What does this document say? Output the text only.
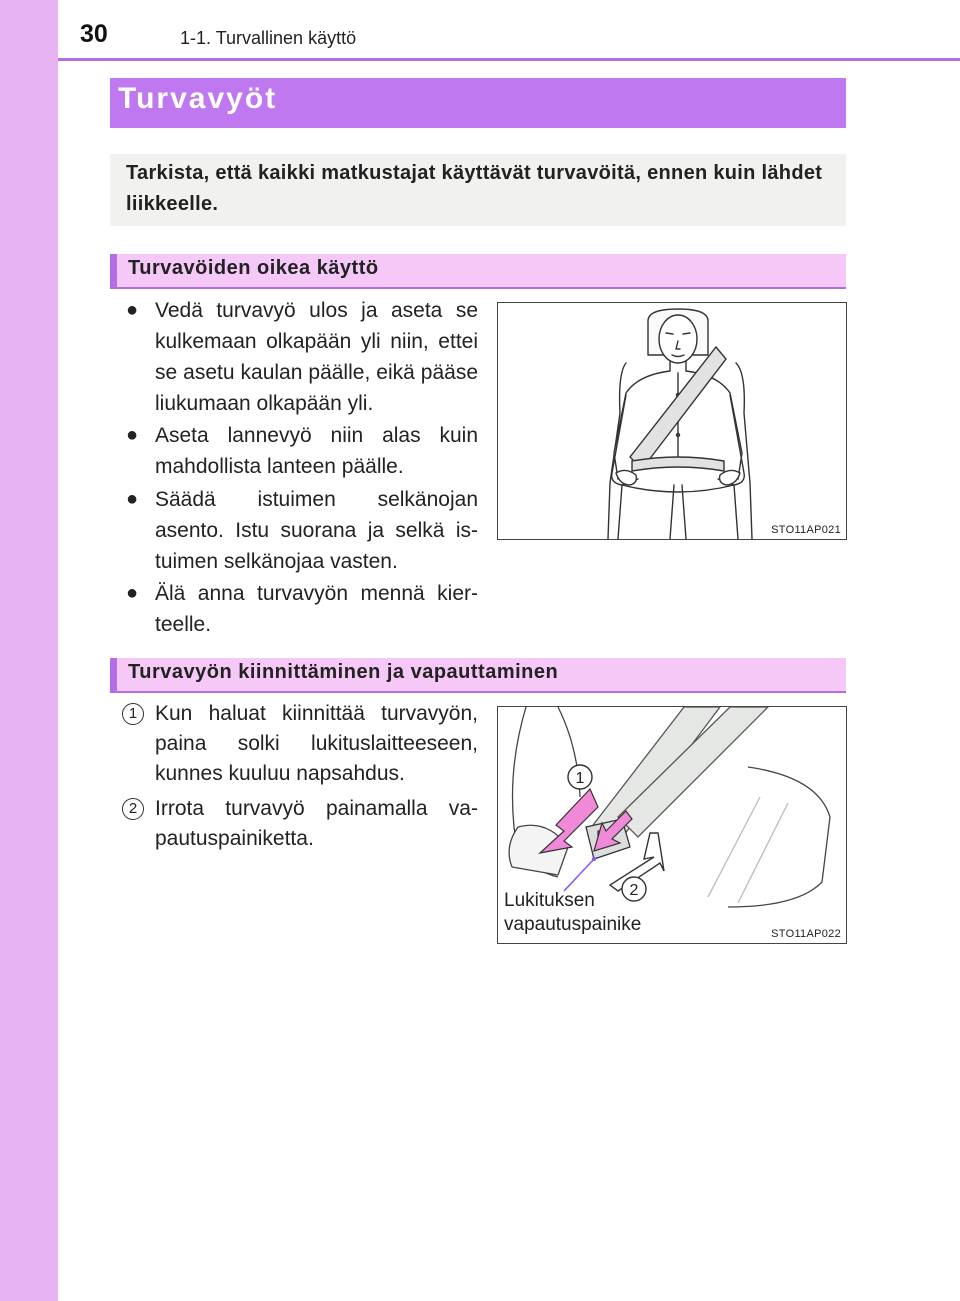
30	1-1. Turvallinen käyttö
Turvavyöt
Tarkista, että kaikki matkustajat käyttävät turvavöitä, ennen kuin lähdet liikkeelle.
Turvavöiden oikea käyttö
● Vedä turvavyö ulos ja aseta se kulkemaan olkapään yli niin, ettei se asetu kaulan päälle, eikä pääse liukumaan olkapään yli.
● Aseta lannevyö niin alas kuin mahdollista lanteen päälle.
● Säädä istuimen selkänojan asento. Istu suorana ja selkä istuimen selkänojaa vasten.
● Älä anna turvavyön mennä kierteelle.
STO11AP021
Turvavyön kiinnittäminen ja vapauttaminen
1 Kun haluat kiinnittää turvavyön, paina solki lukituslaitteeseen, kunnes kuuluu napsahdus.
2 Irrota turvavyö painamalla vapautuspainiketta.
1
2
Lukituksen
vapautuspainike	STO11AP022
